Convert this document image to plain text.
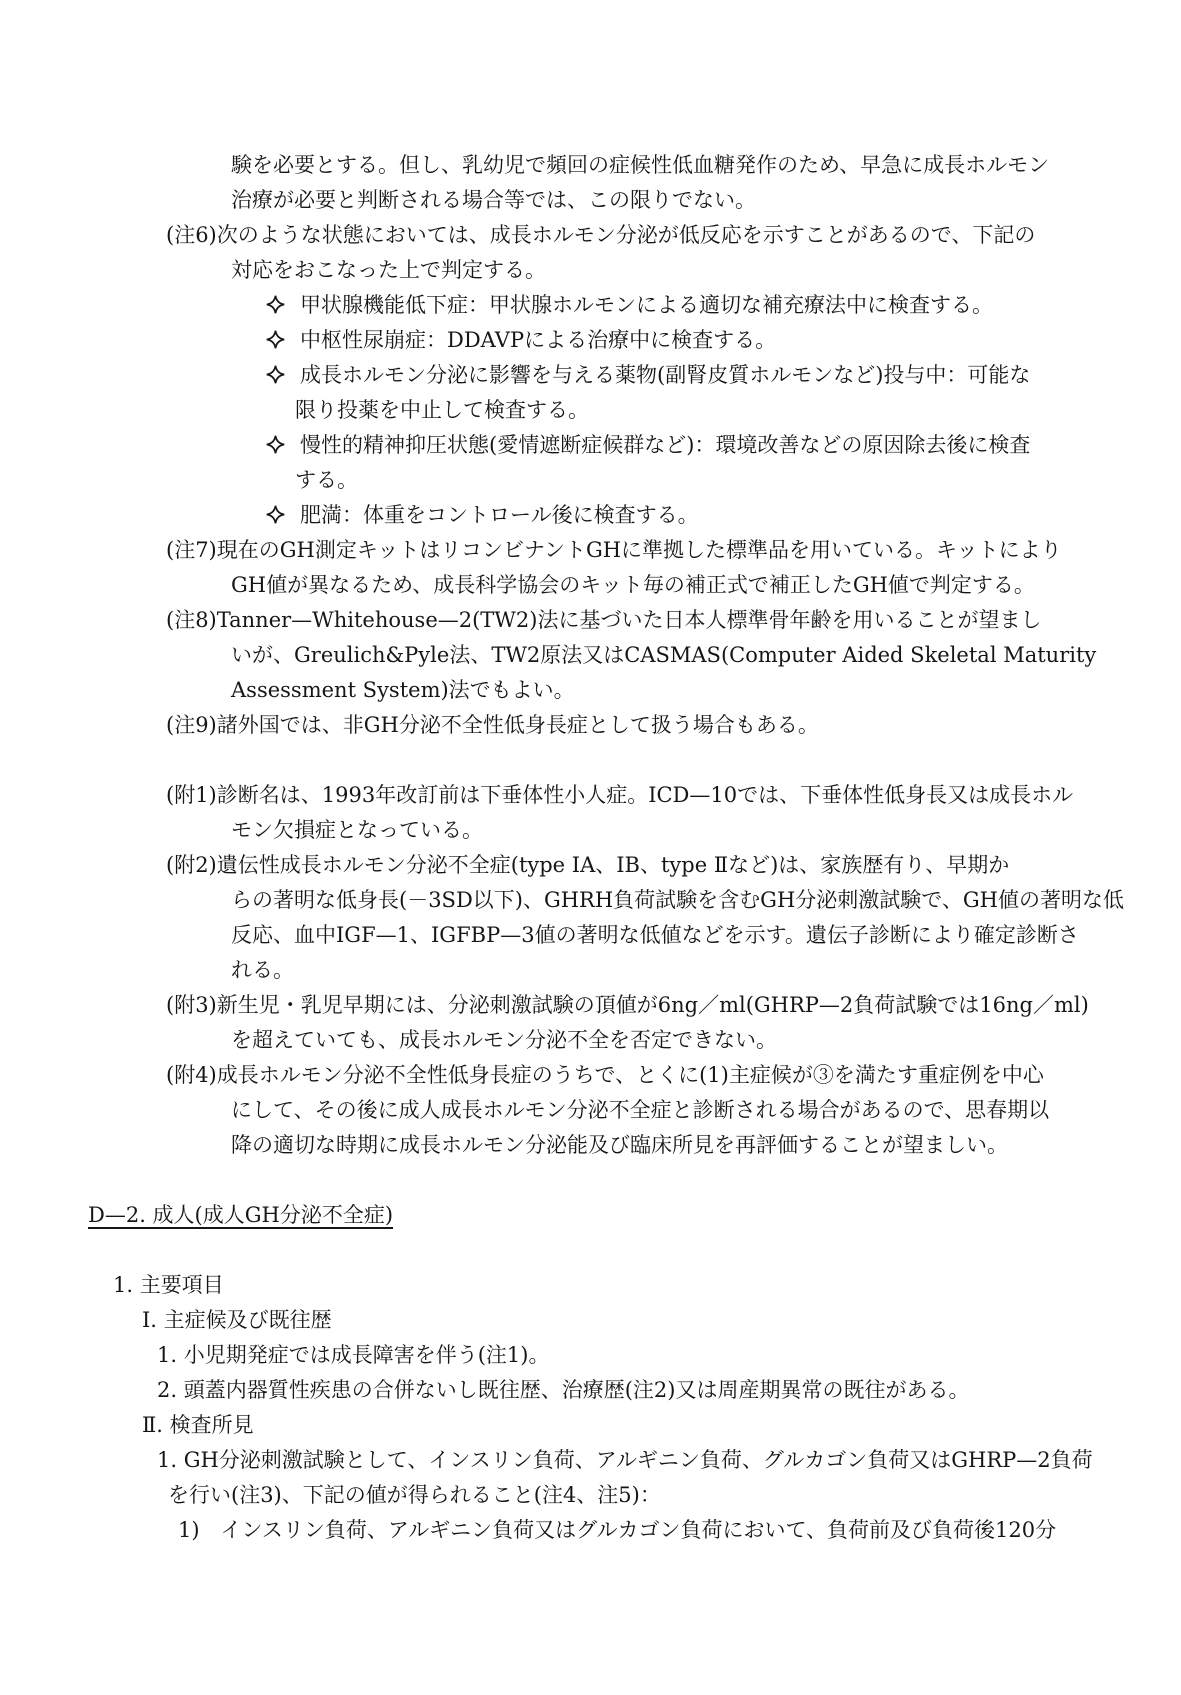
験を必要とする。但し、乳幼児で頻回の症候性低血糖発作のため、早急に成長ホルモン
治療が必要と判断される場合等では、この限りでない。
(注6)次のような状態においては、成長ホルモン分泌が低反応を示すことがあるので、下記の
対応をおこなった上で判定する。
甲状腺機能低下症：甲状腺ホルモンによる適切な補充療法中に検査する。
中枢性尿崩症：DDAVPによる治療中に検査する。
成長ホルモン分泌に影響を与える薬物(副腎皮質ホルモンなど)投与中：可能な
限り投薬を中止して検査する。
慢性的精神抑圧状態(愛情遮断症候群など)：環境改善などの原因除去後に検査
する。
肥満：体重をコントロール後に検査する。
(注7)現在のGH測定キットはリコンビナントGHに準拠した標準品を用いている。キットにより
GH値が異なるため、成長科学協会のキット毎の補正式で補正したGH値で判定する。
(注8)Tanner—Whitehouse—2(TW2)法に基づいた日本人標準骨年齢を用いることが望まし
いが、Greulich&Pyle法、TW2原法又はCASMAS(Computer Aided Skeletal Maturity
Assessment System)法でもよい。
(注9)諸外国では、非GH分泌不全性低身長症として扱う場合もある。
(附1)診断名は、1993年改訂前は下垂体性小人症。ICD—10では、下垂体性低身長又は成長ホル
モン欠損症となっている。
(附2)遺伝性成長ホルモン分泌不全症(type ⅠA、ⅠB、type Ⅱなど)は、家族歴有り、早期か
らの著明な低身長(－3SD以下)、GHRH負荷試験を含むGH分泌刺激試験で、GH値の著明な低
反応、血中IGF—1、IGFBP—3値の著明な低値などを示す。遺伝子診断により確定診断さ
れる。
(附3)新生児・乳児早期には、分泌刺激試験の頂値が6ng／ml(GHRP—2負荷試験では16ng／ml)
を超えていても、成長ホルモン分泌不全を否定できない。
(附4)成長ホルモン分泌不全性低身長症のうちで、とくに(1)主症候が③を満たす重症例を中心
にして、その後に成人成長ホルモン分泌不全症と診断される場合があるので、思春期以
降の適切な時期に成長ホルモン分泌能及び臨床所見を再評価することが望ましい。
D—2. 成人(成人GH分泌不全症)
1. 主要項目
Ⅰ. 主症候及び既往歴
1. 小児期発症では成長障害を伴う(注1)。
2. 頭蓋内器質性疾患の合併ないし既往歴、治療歴(注2)又は周産期異常の既往がある。
Ⅱ. 検査所見
1. GH分泌刺激試験として、インスリン負荷、アルギニン負荷、グルカゴン負荷又はGHRP—2負荷
を行い(注3)、下記の値が得られること(注4、注5)：
1)　インスリン負荷、アルギニン負荷又はグルカゴン負荷において、負荷前及び負荷後120分
